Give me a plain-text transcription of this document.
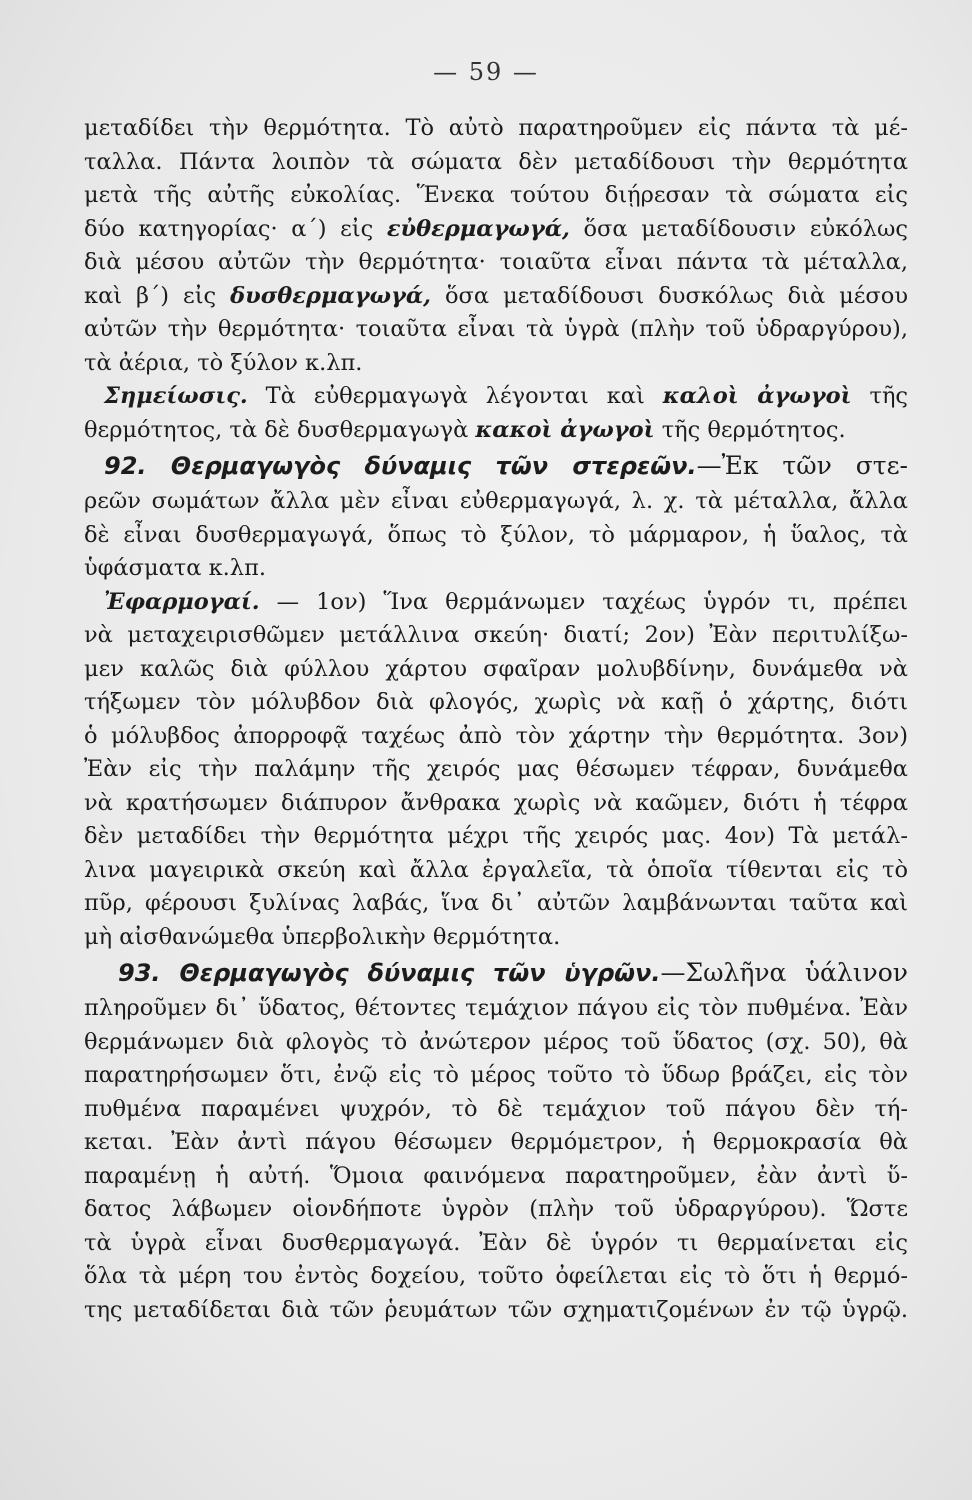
— 59 —
μεταδίδει τὴν θερμότητα. Τὸ αὐτὸ παρατηροῦμεν εἰς πάντα τὰ μέ-
ταλλα. Πάντα λοιπὸν τὰ σώματα δὲν μεταδίδουσι τὴν θερμότητα
μετὰ τῆς αὐτῆς εὐκολίας. Ἕνεκα τούτου διῄρεσαν τὰ σώματα εἰς
δύο κατηγορίας· α΄) εἰς εὐθερμαγωγά, ὅσα μεταδίδουσιν εὐκόλως
διὰ μέσου αὐτῶν τὴν θερμότητα· τοιαῦτα εἶναι πάντα τὰ μέταλλα,
καὶ β΄) εἰς δυσθερμαγωγά, ὅσα μεταδίδουσι δυσκόλως διὰ μέσου
αὐτῶν τὴν θερμότητα· τοιαῦτα εἶναι τὰ ὑγρὰ (πλὴν τοῦ ὑδραργύρου),
τὰ ἀέρια, τὸ ξύλον κ.λπ.
Σημείωσις. Τὰ εὐθερμαγωγὰ λέγονται καὶ καλοὶ ἀγωγοὶ τῆς
θερμότητος, τὰ δὲ δυσθερμαγωγὰ κακοὶ ἀγωγοὶ τῆς θερμότητος.
92. Θερμαγωγὸς δύναμις τῶν στερεῶν.—Ἐκ τῶν στε-
ρεῶν σωμάτων ἄλλα μὲν εἶναι εὐθερμαγωγά, λ. χ. τὰ μέταλλα, ἄλλα
δὲ εἶναι δυσθερμαγωγά, ὅπως τὸ ξύλον, τὸ μάρμαρον, ἡ ὕαλος, τὰ
ὑφάσματα κ.λπ.
Ἐφαρμογαί. — 1ον) Ἵνα θερμάνωμεν ταχέως ὑγρόν τι, πρέπει
νὰ μεταχειρισθῶμεν μετάλλινα σκεύη· διατί; 2ον) Ἐὰν περιτυλίξω-
μεν καλῶς διὰ φύλλου χάρτου σφαῖραν μολυβδίνην, δυνάμεθα νὰ
τήξωμεν τὸν μόλυβδον διὰ φλογός, χωρὶς νὰ καῇ ὁ χάρτης, διότι
ὁ μόλυβδος ἀπορροφᾷ ταχέως ἀπὸ τὸν χάρτην τὴν θερμότητα. 3ον)
Ἐὰν εἰς τὴν παλάμην τῆς χειρός μας θέσωμεν τέφραν, δυνάμεθα
νὰ κρατήσωμεν διάπυρον ἄνθρακα χωρὶς νὰ καῶμεν, διότι ἡ τέφρα
δὲν μεταδίδει τὴν θερμότητα μέχρι τῆς χειρός μας. 4ον) Τὰ μετάλ-
λινα μαγειρικὰ σκεύη καὶ ἄλλα ἐργαλεῖα, τὰ ὁποῖα τίθενται εἰς τὸ
πῦρ, φέρουσι ξυλίνας λαβάς, ἵνα δι᾽ αὐτῶν λαμβάνωνται ταῦτα καὶ
μὴ αἰσθανώμεθα ὑπερβολικὴν θερμότητα.
93. Θερμαγωγὸς δύναμις τῶν ὑγρῶν.—Σωλῆνα ὑάλινον
πληροῦμεν δι᾽ ὕδατος, θέτοντες τεμάχιον πάγου εἰς τὸν πυθμένα. Ἐὰν
θερμάνωμεν διὰ φλογὸς τὸ ἀνώτερον μέρος τοῦ ὕδατος (σχ. 50), θὰ
παρατηρήσωμεν ὅτι, ἐνῷ εἰς τὸ μέρος τοῦτο τὸ ὕδωρ βράζει, εἰς τὸν
πυθμένα παραμένει ψυχρόν, τὸ δὲ τεμάχιον τοῦ πάγου δὲν τή-
κεται. Ἐὰν ἀντὶ πάγου θέσωμεν θερμόμετρον, ἡ θερμοκρασία θὰ
παραμένῃ ἡ αὐτή. Ὅμοια φαινόμενα παρατηροῦμεν, ἐὰν ἀντὶ ὕ-
δατος λάβωμεν οἱονδήποτε ὑγρὸν (πλὴν τοῦ ὑδραργύρου). Ὥστε
τὰ ὑγρὰ εἶναι δυσθερμαγωγά. Ἐὰν δὲ ὑγρόν τι θερμαίνεται εἰς
ὅλα τὰ μέρη του ἐντὸς δοχείου, τοῦτο ὀφείλεται εἰς τὸ ὅτι ἡ θερμό-
της μεταδίδεται διὰ τῶν ῥευμάτων τῶν σχηματιζομένων ἐν τῷ ὑγρῷ.
